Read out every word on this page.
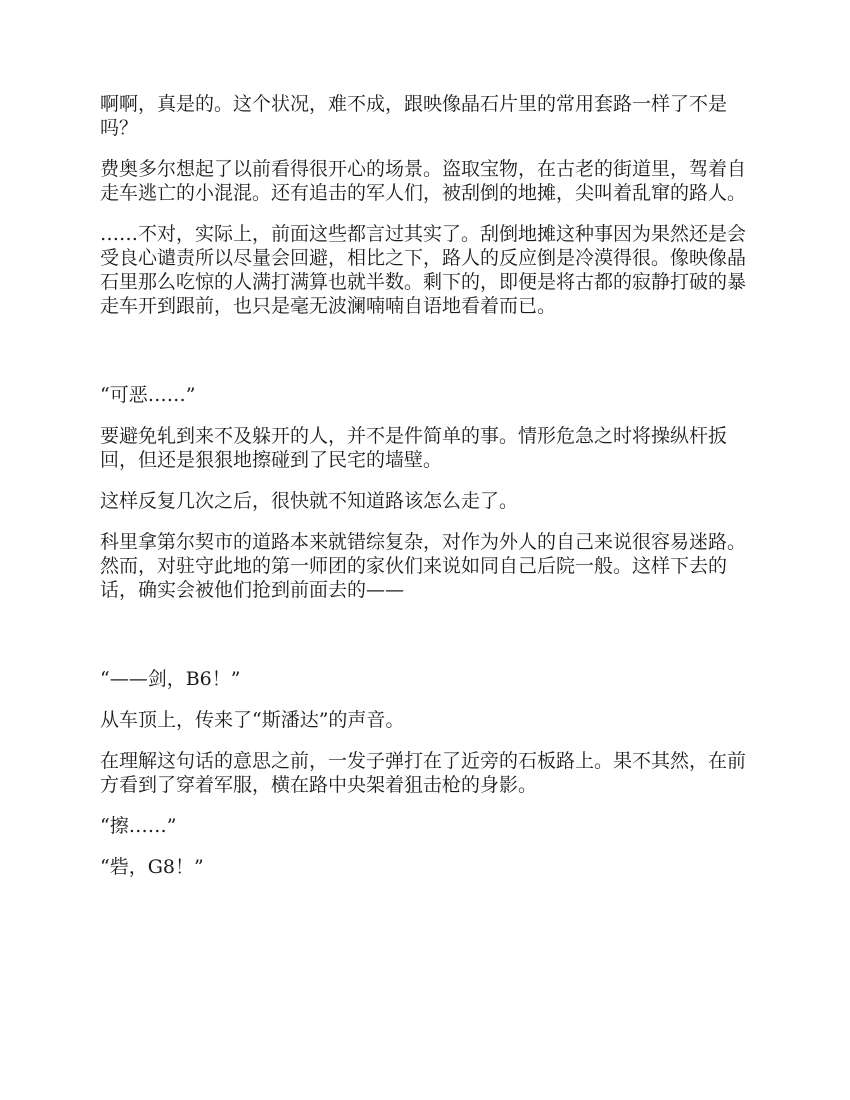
啊啊，真是的。这个状况，难不成，跟映像晶石片里的常用套路一样了不是吗？

费奥多尔想起了以前看得很开心的场景。盗取宝物，在古老的街道里，驾着自走车逃亡的小混混。还有追击的军人们，被刮倒的地摊，尖叫着乱窜的路人。

……不对，实际上，前面这些都言过其实了。刮倒地摊这种事因为果然还是会受良心谴责所以尽量会回避，相比之下，路人的反应倒是冷漠得很。像映像晶石里那么吃惊的人满打满算也就半数。剩下的，即便是将古都的寂静打破的暴走车开到跟前，也只是毫无波澜喃喃自语地看着而已。

“可恶……”

要避免轧到来不及躲开的人，并不是件简单的事。情形危急之时将操纵杆扳回，但还是狠狠地擦碰到了民宅的墙壁。

这样反复几次之后，很快就不知道路该怎么走了。

科里拿第尔契市的道路本来就错综复杂，对作为外人的自己来说很容易迷路。然而，对驻守此地的第一师团的家伙们来说如同自己后院一般。这样下去的话，确实会被他们抢到前面去的——

“——剑，B6！”

从车顶上，传来了“斯潘达”的声音。

在理解这句话的意思之前，一发子弹打在了近旁的石板路上。果不其然，在前方看到了穿着军服，横在路中央架着狙击枪的身影。

“擦……”

“砦，G8！”
